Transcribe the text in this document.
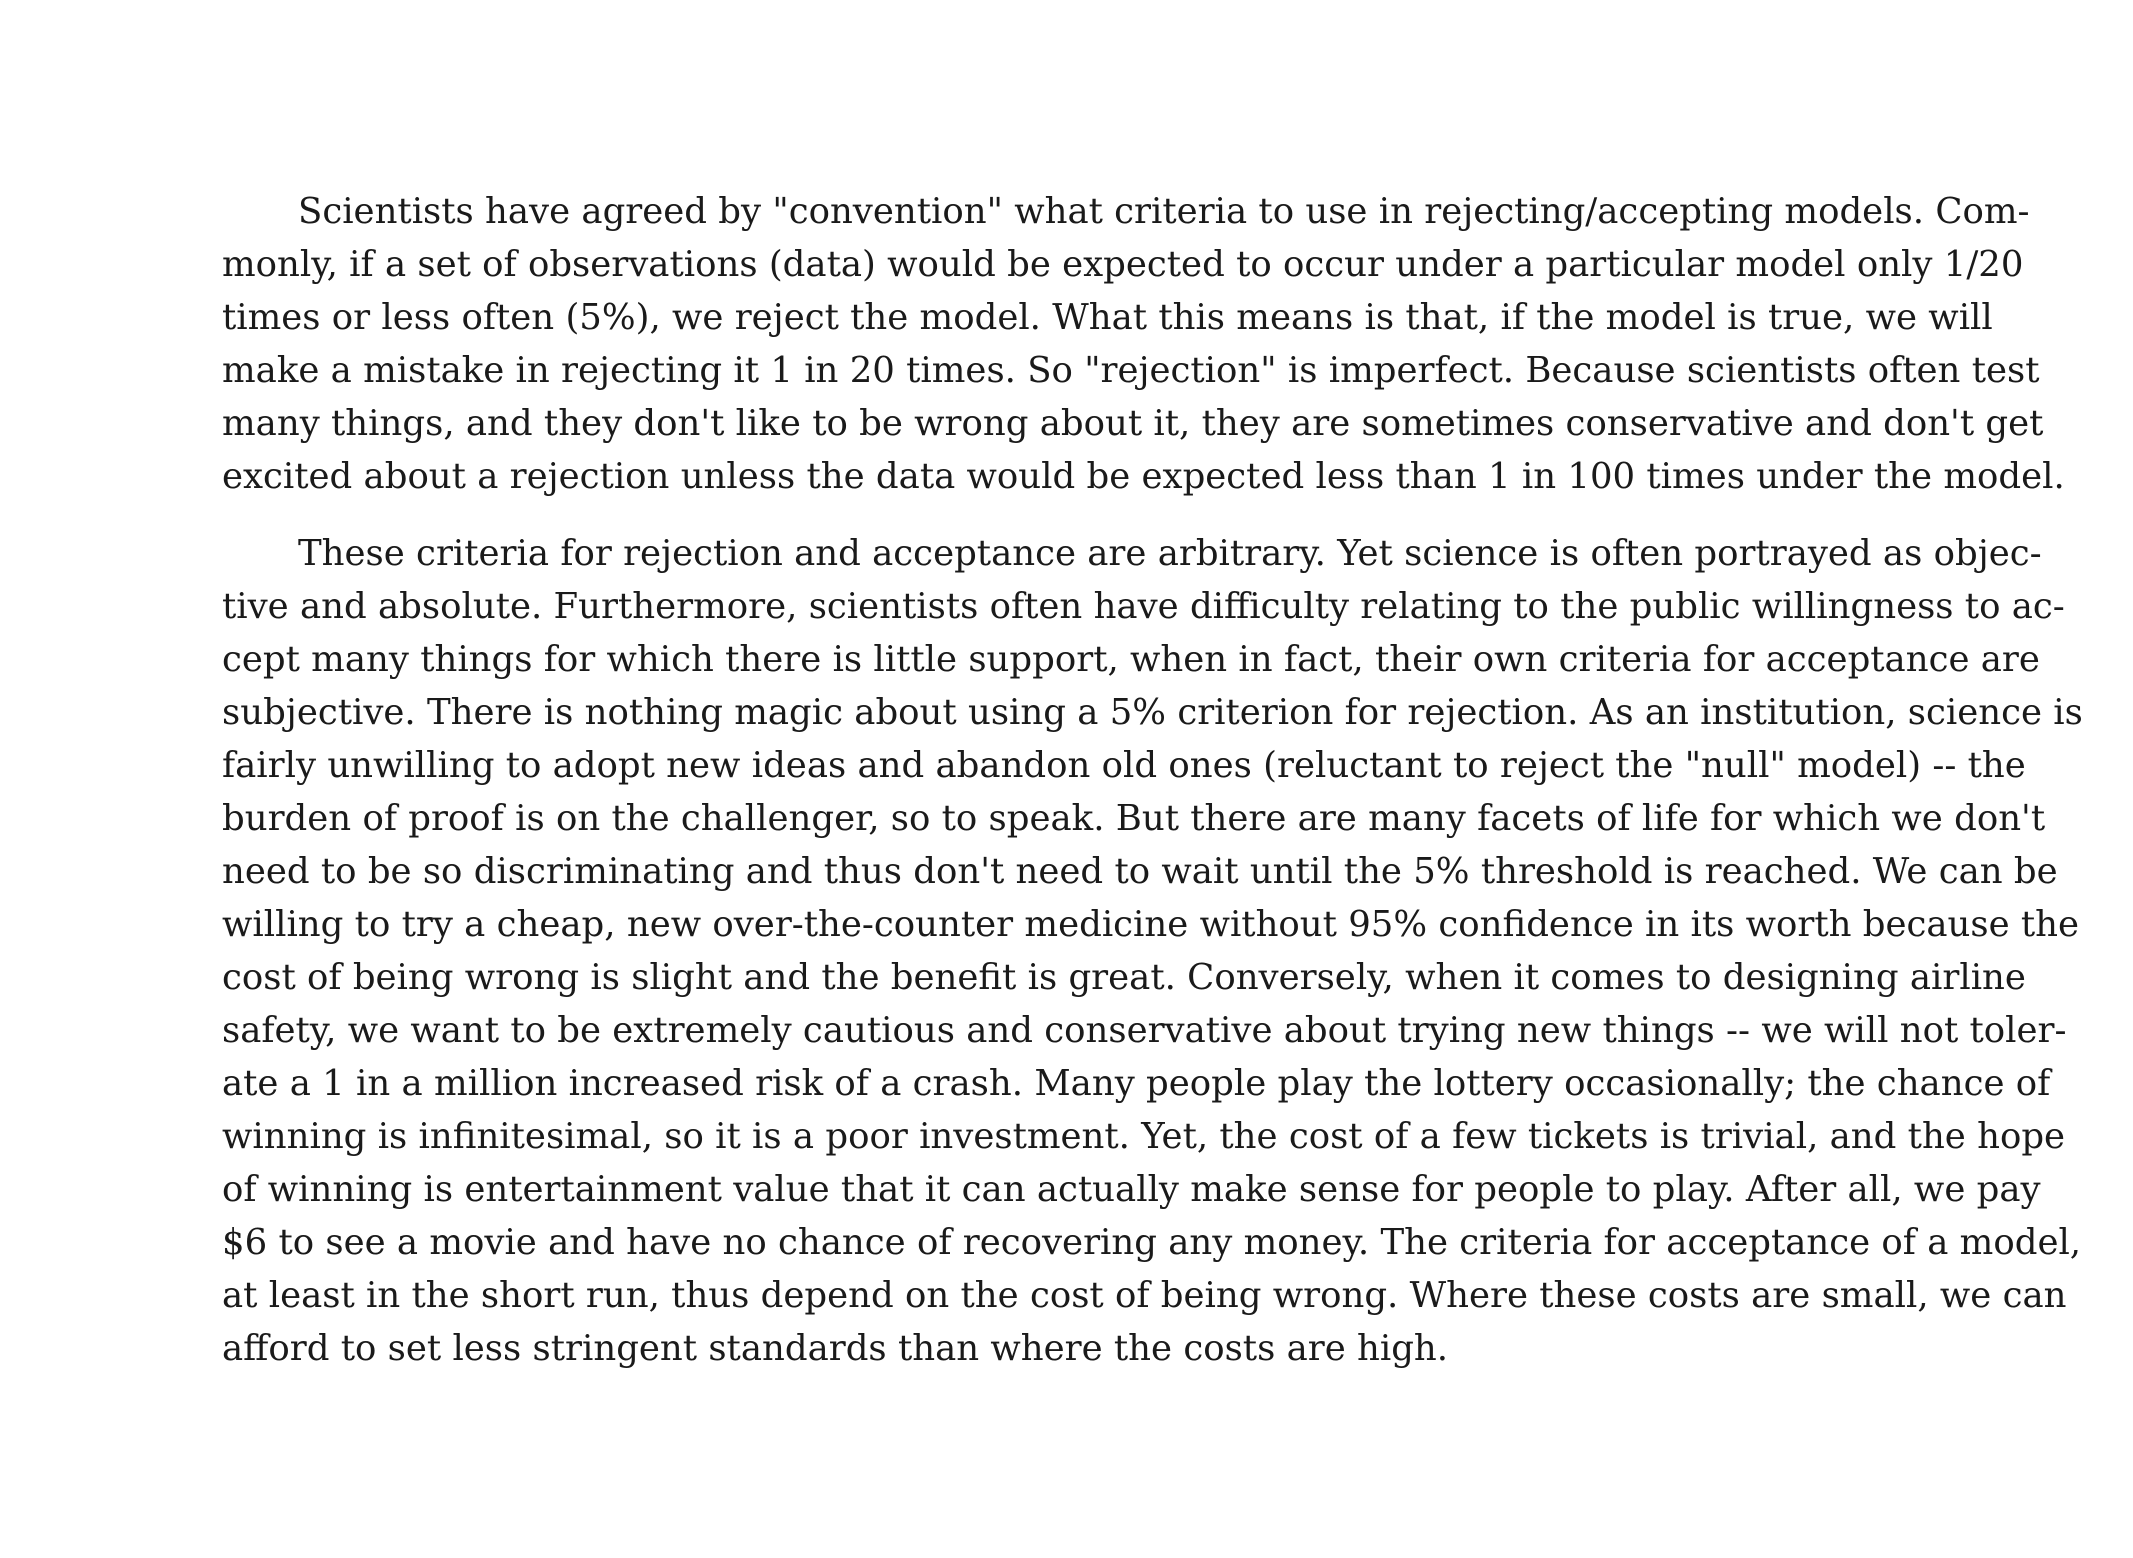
Scientists have agreed by "convention" what criteria to use in rejecting/accepting models. Com-
monly, if a set of observations (data) would be expected to occur under a particular model only 1/20
times or less often (5%), we reject the model. What this means is that, if the model is true, we will
make a mistake in rejecting it 1 in 20 times. So "rejection" is imperfect. Because scientists often test
many things, and they don't like to be wrong about it, they are sometimes conservative and don't get
excited about a rejection unless the data would be expected less than 1 in 100 times under the model.

These criteria for rejection and acceptance are arbitrary. Yet science is often portrayed as objec-
tive and absolute. Furthermore, scientists often have difficulty relating to the public willingness to ac-
cept many things for which there is little support, when in fact, their own criteria for acceptance are
subjective. There is nothing magic about using a 5% criterion for rejection. As an institution, science is
fairly unwilling to adopt new ideas and abandon old ones (reluctant to reject the "null" model) -- the
burden of proof is on the challenger, so to speak. But there are many facets of life for which we don't
need to be so discriminating and thus don't need to wait until the 5% threshold is reached. We can be
willing to try a cheap, new over-the-counter medicine without 95% confidence in its worth because the
cost of being wrong is slight and the benefit is great. Conversely, when it comes to designing airline
safety, we want to be extremely cautious and conservative about trying new things -- we will not toler-
ate a 1 in a million increased risk of a crash. Many people play the lottery occasionally; the chance of
winning is infinitesimal, so it is a poor investment. Yet, the cost of a few tickets is trivial, and the hope
of winning is entertainment value that it can actually make sense for people to play. After all, we pay
$6 to see a movie and have no chance of recovering any money. The criteria for acceptance of a model,
at least in the short run, thus depend on the cost of being wrong. Where these costs are small, we can
afford to set less stringent standards than where the costs are high.
